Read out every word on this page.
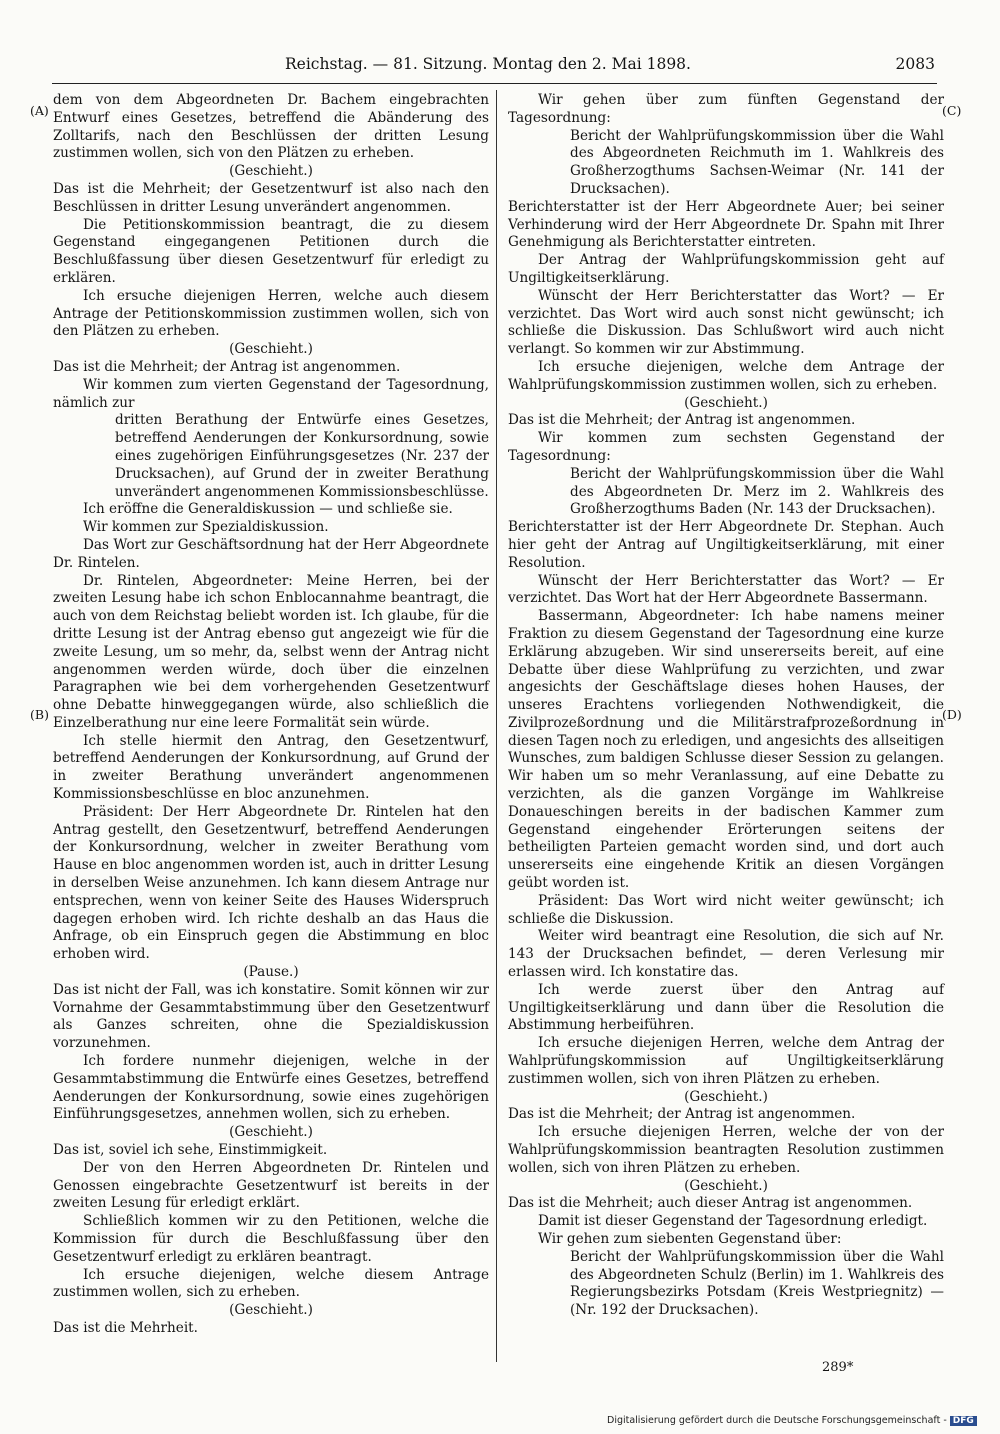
Reichstag. — 81. Sitzung. Montag den 2. Mai 1898.	2083
(A)
(B)
(C)
(D)

dem von dem Abgeordneten Dr. Bachem eingebrachten Entwurf eines Gesetzes, betreffend die Abänderung des Zolltarifs, nach den Beschlüssen der dritten Lesung zustimmen wollen, sich von den Plätzen zu erheben.

(Geschieht.)

Das ist die Mehrheit; der Gesetzentwurf ist also nach den Beschlüssen in dritter Lesung unverändert angenommen.

Die Petitionskommission beantragt, die zu diesem Gegenstand eingegangenen Petitionen durch die Beschlußfassung über diesen Gesetzentwurf für erledigt zu erklären.

Ich ersuche diejenigen Herren, welche auch diesem Antrage der Petitionskommission zustimmen wollen, sich von den Plätzen zu erheben.

(Geschieht.)

Das ist die Mehrheit; der Antrag ist angenommen.

Wir kommen zum vierten Gegenstand der Tagesordnung, nämlich zur

dritten Berathung der Entwürfe eines Gesetzes, betreffend Aenderungen der Konkursordnung, sowie eines zugehörigen Einführungsgesetzes (Nr. 237 der Drucksachen), auf Grund der in zweiter Berathung unverändert angenommenen Kommissionsbeschlüsse.

Ich eröffne die Generaldiskussion — und schließe sie.

Wir kommen zur Spezialdiskussion.

Das Wort zur Geschäftsordnung hat der Herr Abgeordnete Dr. Rintelen.

Dr. Rintelen, Abgeordneter: Meine Herren, bei der zweiten Lesung habe ich schon Enblocannahme beantragt, die auch von dem Reichstag beliebt worden ist. Ich glaube, für die dritte Lesung ist der Antrag ebenso gut angezeigt wie für die zweite Lesung, um so mehr, da, selbst wenn der Antrag nicht angenommen werden würde, doch über die einzelnen Paragraphen wie bei dem vorhergehenden Gesetzentwurf ohne Debatte hinweggegangen würde, also schließlich die Einzelberathung nur eine leere Formalität sein würde.

Ich stelle hiermit den Antrag, den Gesetzentwurf, betreffend Aenderungen der Konkursordnung, auf Grund der in zweiter Berathung unverändert angenommenen Kommissionsbeschlüsse en bloc anzunehmen.

Präsident: Der Herr Abgeordnete Dr. Rintelen hat den Antrag gestellt, den Gesetzentwurf, betreffend Aenderungen der Konkursordnung, welcher in zweiter Berathung vom Hause en bloc angenommen worden ist, auch in dritter Lesung in derselben Weise anzunehmen. Ich kann diesem Antrage nur entsprechen, wenn von keiner Seite des Hauses Widerspruch dagegen erhoben wird. Ich richte deshalb an das Haus die Anfrage, ob ein Einspruch gegen die Abstimmung en bloc erhoben wird.

(Pause.)

Das ist nicht der Fall, was ich konstatire. Somit können wir zur Vornahme der Gesammtabstimmung über den Gesetzentwurf als Ganzes schreiten, ohne die Spezialdiskussion vorzunehmen.

Ich fordere nunmehr diejenigen, welche in der Gesammtabstimmung die Entwürfe eines Gesetzes, betreffend Aenderungen der Konkursordnung, sowie eines zugehörigen Einführungsgesetzes, annehmen wollen, sich zu erheben.

(Geschieht.)

Das ist, soviel ich sehe, Einstimmigkeit.

Der von den Herren Abgeordneten Dr. Rintelen und Genossen eingebrachte Gesetzentwurf ist bereits in der zweiten Lesung für erledigt erklärt.

Schließlich kommen wir zu den Petitionen, welche die Kommission für durch die Beschlußfassung über den Gesetzentwurf erledigt zu erklären beantragt.

Ich ersuche diejenigen, welche diesem Antrage zustimmen wollen, sich zu erheben.

(Geschieht.)

Das ist die Mehrheit.

Wir gehen über zum fünften Gegenstand der Tagesordnung:

Bericht der Wahlprüfungskommission über die Wahl des Abgeordneten Reichmuth im 1. Wahlkreis des Großherzogthums Sachsen-Weimar (Nr. 141 der Drucksachen).

Berichterstatter ist der Herr Abgeordnete Auer; bei seiner Verhinderung wird der Herr Abgeordnete Dr. Spahn mit Ihrer Genehmigung als Berichterstatter eintreten.

Der Antrag der Wahlprüfungskommission geht auf Ungiltigkeitserklärung.

Wünscht der Herr Berichterstatter das Wort? — Er verzichtet. Das Wort wird auch sonst nicht gewünscht; ich schließe die Diskussion. Das Schlußwort wird auch nicht verlangt. So kommen wir zur Abstimmung.

Ich ersuche diejenigen, welche dem Antrage der Wahlprüfungskommission zustimmen wollen, sich zu erheben.

(Geschieht.)

Das ist die Mehrheit; der Antrag ist angenommen.

Wir kommen zum sechsten Gegenstand der Tagesordnung:

Bericht der Wahlprüfungskommission über die Wahl des Abgeordneten Dr. Merz im 2. Wahlkreis des Großherzogthums Baden (Nr. 143 der Drucksachen).

Berichterstatter ist der Herr Abgeordnete Dr. Stephan. Auch hier geht der Antrag auf Ungiltigkeitserklärung, mit einer Resolution.

Wünscht der Herr Berichterstatter das Wort? — Er verzichtet. Das Wort hat der Herr Abgeordnete Bassermann.

Bassermann, Abgeordneter: Ich habe namens meiner Fraktion zu diesem Gegenstand der Tagesordnung eine kurze Erklärung abzugeben. Wir sind unsererseits bereit, auf eine Debatte über diese Wahlprüfung zu verzichten, und zwar angesichts der Geschäftslage dieses hohen Hauses, der unseres Erachtens vorliegenden Nothwendigkeit, die Zivilprozeßordnung und die Militärstrafprozeßordnung in diesen Tagen noch zu erledigen, und angesichts des allseitigen Wunsches, zum baldigen Schlusse dieser Session zu gelangen. Wir haben um so mehr Veranlassung, auf eine Debatte zu verzichten, als die ganzen Vorgänge im Wahlkreise Donaueschingen bereits in der badischen Kammer zum Gegenstand eingehender Erörterungen seitens der betheiligten Parteien gemacht worden sind, und dort auch unsererseits eine eingehende Kritik an diesen Vorgängen geübt worden ist.

Präsident: Das Wort wird nicht weiter gewünscht; ich schließe die Diskussion.

Weiter wird beantragt eine Resolution, die sich auf Nr. 143 der Drucksachen befindet, — deren Verlesung mir erlassen wird. Ich konstatire das.

Ich werde zuerst über den Antrag auf Ungiltigkeitserklärung und dann über die Resolution die Abstimmung herbeiführen.

Ich ersuche diejenigen Herren, welche dem Antrag der Wahlprüfungskommission auf Ungiltigkeitserklärung zustimmen wollen, sich von ihren Plätzen zu erheben.

(Geschieht.)

Das ist die Mehrheit; der Antrag ist angenommen.

Ich ersuche diejenigen Herren, welche der von der Wahlprüfungskommission beantragten Resolution zustimmen wollen, sich von ihren Plätzen zu erheben.

(Geschieht.)

Das ist die Mehrheit; auch dieser Antrag ist angenommen.

Damit ist dieser Gegenstand der Tagesordnung erledigt.

Wir gehen zum siebenten Gegenstand über:

Bericht der Wahlprüfungskommission über die Wahl des Abgeordneten Schulz (Berlin) im 1. Wahlkreis des Regierungsbezirks Potsdam (Kreis Westpriegnitz) — (Nr. 192 der Drucksachen).

289*
Digitalisierung gefördert durch die Deutsche Forschungsgemeinschaft - DFG
